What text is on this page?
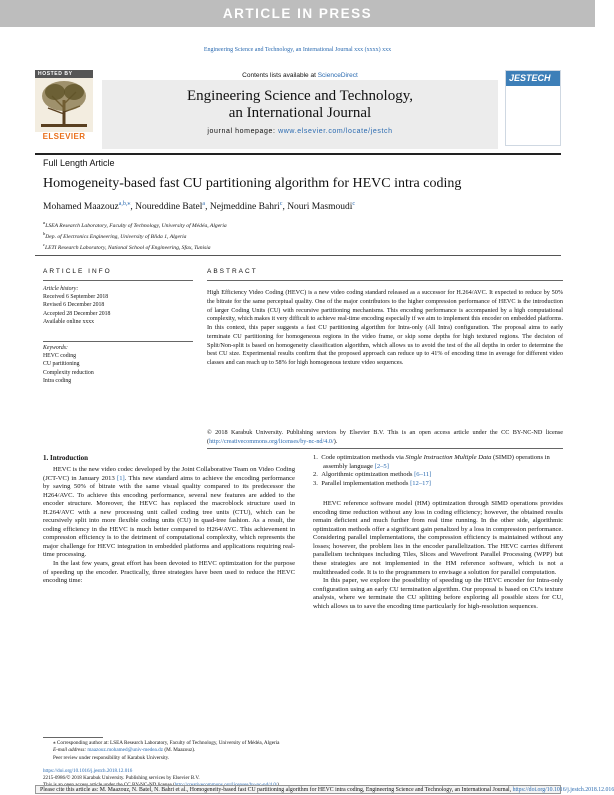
ARTICLE IN PRESS
Engineering Science and Technology, an International Journal xxx (xxxx) xxx
HOSTED BY
ELSEVIER
Contents lists available at ScienceDirect
Engineering Science and Technology,
an International Journal
journal homepage: www.elsevier.com/locate/jestch
JESTECH
Full Length Article
Homogeneity-based fast CU partitioning algorithm for HEVC intra coding
Mohamed Maazouz$^{a,b,⁎}$, Noureddine Batel$^a$, Nejmeddine Bahri$^c$, Nouri Masmoudi$^c$
$^a$LSEA Research Laboratory, Faculty of Technology, University of Médéa, Algeria
$^b$Dep. of Electronics Engineering, University of Blida 1, Algeria
$^c$LETI Research Laboratory, National School of Engineering, Sfax, Tunisia
ARTICLE INFO	ABSTRACT
Article history:
Received 6 September 2018
Revised 6 December 2018
Accepted 28 December 2018
Available online xxxx
Keywords:
HEVC coding
CU partitioning
Complexity reduction
Intra coding
High Efficiency Video Coding (HEVC) is a new video coding standard released as a successor for H.264/AVC. It expected to reduce by 50% the bitrate for the same perceptual quality. One of the major contributors to the higher compression performance of HEVC is the introduction of larger Coding Units (CU) with recursive partitioning mechanisms. This encoding performance is accompanied by a high computational complexity, which makes it very difficult to achieve real-time encoding especially if we aim to implement this encoder on embedded platforms. In this context, this paper suggests a fast CU partitioning algorithm for Intra-only (All Intra) configuration. The proposal aims to early terminate CU partitioning for homogeneous regions in the video frame, or skip some depths for high textured regions. The decision of Split/Non-split is based on homogeneity classification algorithm, which allows us to avoid the test of the all depths in order to determine the best CU size. Experimental results confirm that the proposed approach can reduce up to 41% of encoding time in average for different video classes and can reach up to 58% for high homogenous texture video sequences.
© 2018 Karabuk University. Publishing services by Elsevier B.V. This is an open access article under the CC BY-NC-ND license (http://creativecommons.org/licenses/by-nc-nd/4.0/).
1. Introduction

HEVC is the new video codec developed by the Joint Collaborative Team on Video Coding (JCT-VC) in January 2013 [1]. This new standard aims to achieve the encoding performance by saving 50% of bitrate with the same visual quality compared to its predecessor the H264/AVC. To achieve this encoding performance, several new features are added to the encoder structure. Moreover, the HEVC has replaced the macroblock structure used in H.264/AVC with a new processing unit called coding tree units (CTU), which can be recursively split into more flexible coding units (CU) in quad-tree fashion. As a result, the coding efficiency in the HEVC is much better compared to H264/AVC. This achievement in compression efficiency is to the detriment of computational complexity, which represents the major challenge for HEVC integration in embedded platforms and applications requiring real-time processing.

In the last few years, great effort has been devoted to HEVC optimization for the purpose of speeding up the encoder. Practically, three strategies have been used to reduce the HEVC encoding time:

1. Code optimization methods via Single Instruction Multiple Data (SIMD) operations in assembly language [2–5]
2. Algorithmic optimization methods [6–11]
3. Parallel implementation methods [12–17]

HEVC reference software model (HM) optimization through SIMD operations provides encoding time reduction without any loss in coding efficiency; however, the obtained results remain deficient and much further from real time running. In the other side, algorithmic optimization methods offer a significant gain penalized by a loss in compression performance. Considering parallel implementations, the compression efficiency is maintained without any losses; however, the problem lies in the encoder parallelization. The HEVC carries different parallelism techniques including Tiles, Slices and Wavefront Parallel Processing (WPP) but these strategies are not implemented in the HM reference software, which is not a multithreaded code. It is to the programmers to envisage a solution for parallel computation.

In this paper, we explore the possibility of speeding up the HEVC encoder for Intra-only configuration using an early CU termination algorithm. Our proposal is based on CU's texture analysis, where we terminate the CU splitting before exploring all possible sizes for CU, which allows us to save the encoding time particularly for high-resolution sequences.

⁎ Corresponding author at: LSEA Research Laboratory, Faculty of Technology, University of Médéa, Algeria
E-mail address: maazouz.mohamed@univ-medea.dz (M. Maazouz).
Peer review under responsibility of Karabuk University.
https://doi.org/10.1016/j.jestch.2018.12.016
2215-0986/© 2018 Karabuk University. Publishing services by Elsevier B.V.
Please cite this article as: M. Maazouz, N. Batel, N. Bahri et al., Homogeneity-based fast CU partitioning algorithm for HEVC intra coding, Engineering Science and Technology, an International Journal, https://doi.org/10.1016/j.jestch.2018.12.016
